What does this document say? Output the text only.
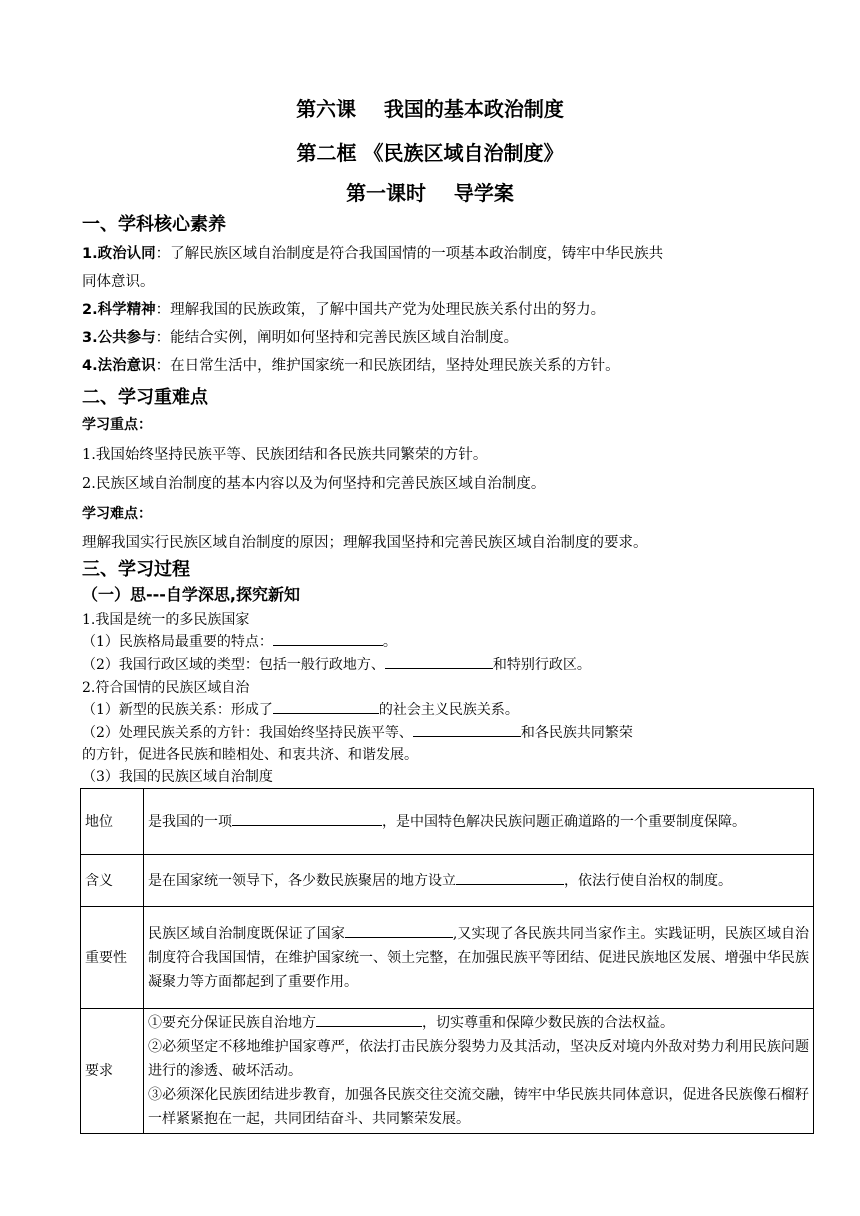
第六课    我国的基本政治制度
第二框 《民族区域自治制度》
第一课时    导学案
一、学科核心素养
1.政治认同：了解民族区域自治制度是符合我国国情的一项基本政治制度，铸牢中华民族共
同体意识。
2.科学精神：理解我国的民族政策，了解中国共产党为处理民族关系付出的努力。
3.公共参与：能结合实例，阐明如何坚持和完善民族区域自治制度。
4.法治意识：在日常生活中，维护国家统一和民族团结，坚持处理民族关系的方针。
二、学习重难点
学习重点：
1.我国始终坚持民族平等、民族团结和各民族共同繁荣的方针。
2.民族区域自治制度的基本内容以及为何坚持和完善民族区域自治制度。
学习难点：
理解我国实行民族区域自治制度的原因；理解我国坚持和完善民族区域自治制度的要求。
三、学习过程
（一）思---自学深思,探究新知
1.我国是统一的多民族国家
（1）民族格局最重要的特点：	。
（2）我国行政区域的类型：包括一般行政地方、	和特别行政区。
2.符合国情的民族区域自治
（1）新型的民族关系：形成了	的社会主义民族关系。
（2）处理民族关系的方针：我国始终坚持民族平等、	和各民族共同繁荣
的方针，促进各民族和睦相处、和衷共济、和谐发展。
（3）我国的民族区域自治制度
地位	是我国的一项 ，是中国特色解决民族问题正确道路的一个重要制度保障。
含义	是在国家统一领导下，各少数民族聚居的地方设立 ，依法行使自治权的制度。
重要性	民族区域自治制度既保证了国家 ,又实现了各民族共同当家作主。实践证明，民族区域自治制度符合我国国情，在维护国家统一、领土完整，在加强民族平等团结、促进民族地区发展、增强中华民族凝聚力等方面都起到了重要作用。
要求	①要充分保证民族自治地方 ，切实尊重和保障少数民族的合法权益。
②必须坚定不移地维护国家尊严，依法打击民族分裂势力及其活动，坚决反对境内外敌对势力利用民族问题进行的渗透、破坏活动。
③必须深化民族团结进步教育，加强各民族交往交流交融，铸牢中华民族共同体意识，促进各民族像石榴籽一样紧紧抱在一起，共同团结奋斗、共同繁荣发展。
